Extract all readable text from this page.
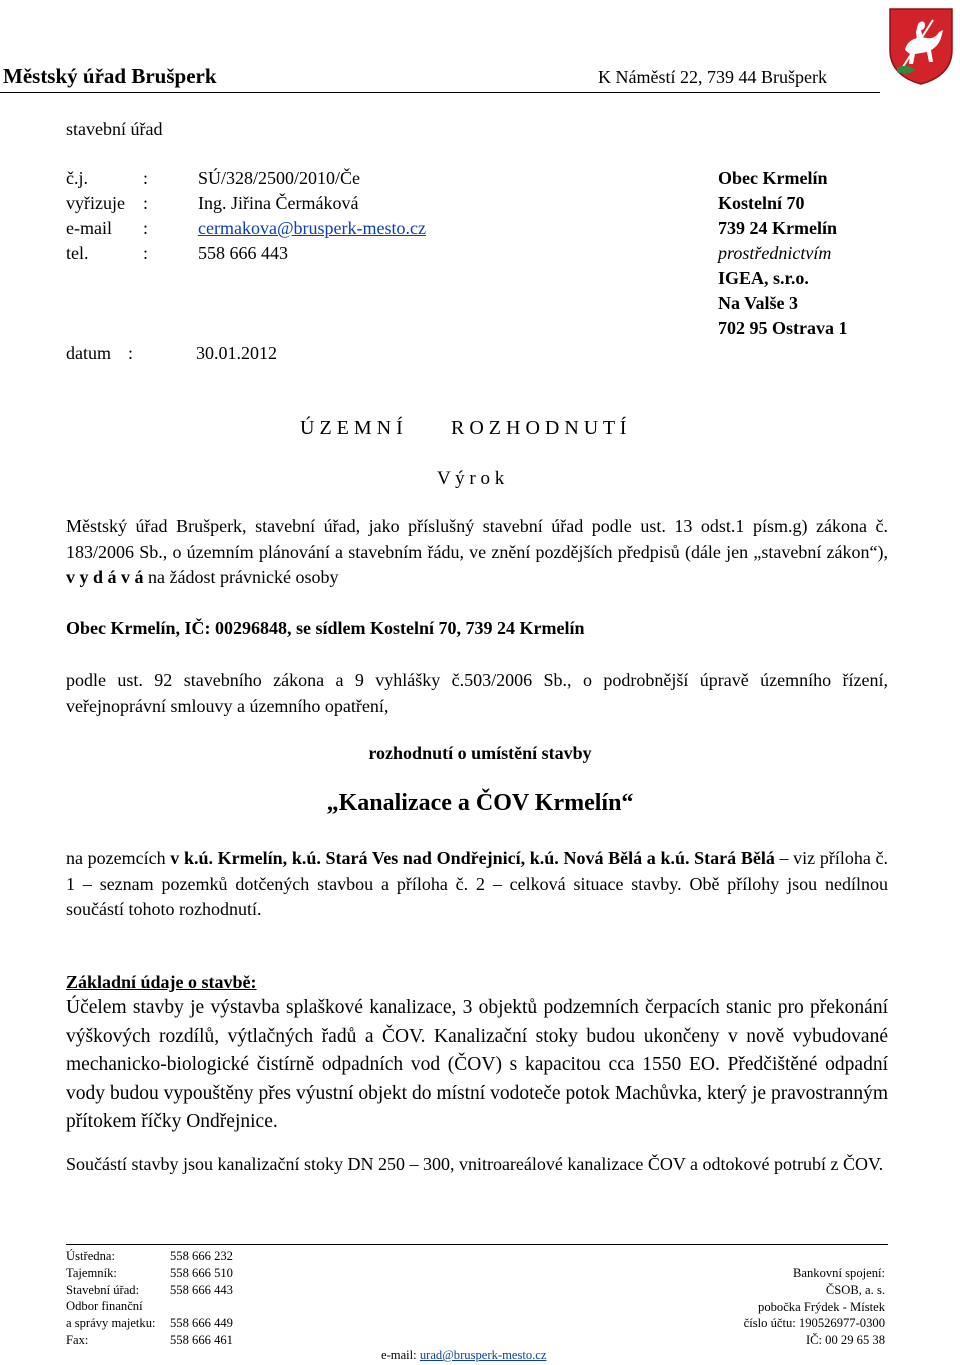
Městský úřad Brušperk	K Náměstí 22, 739 44 Brušperk
stavební úřad
č.j.	:	SÚ/328/2500/2010/Če
vyřizuje :	Ing. Jiřina Čermáková
e-mail :	cermakova@brusperk-mesto.cz
tel.	:	558 666 443
datum :	30.01.2012
Obec Krmelín
Kostelní 70
739 24 Krmelín
prostřednictvím
IGEA, s.r.o.
Na Valše 3
702 95 Ostrava 1
Ú Z E M N Í R O Z H O D N U T Í
V ý r o k
Městský úřad Brušperk, stavební úřad, jako příslušný stavební úřad podle ust. 13 odst.1 písm.g) zákona č. 183/2006 Sb., o územním plánování a stavebním řádu, ve znění pozdějších předpisů (dále jen „stavební zákon“), v y d á v á na žádost právnické osoby
Obec Krmelín, IČ: 00296848, se sídlem Kostelní 70, 739 24 Krmelín
podle ust. 92 stavebního zákona a 9 vyhlášky č.503/2006 Sb., o podrobnější úpravě územního řízení, veřejnoprávní smlouvy a územního opatření,
rozhodnutí o umístění stavby
„Kanalizace a ČOV Krmelín“
na pozemcích v k.ú. Krmelín, k.ú. Stará Ves nad Ondřejnicí, k.ú. Nová Bělá a k.ú. Stará Bělá – viz příloha č. 1 – seznam pozemků dotčených stavbou a příloha č. 2 – celková situace stavby. Obě přílohy jsou nedílnou součástí tohoto rozhodnutí.
Základní údaje o stavbě:
Účelem stavby je výstavba splaškové kanalizace, 3 objektů podzemních čerpacích stanic pro překonání výškových rozdílů, výtlačných řadů a ČOV. Kanalizační stoky budou ukončeny v nově vybudované mechanicko-biologické čistírně odpadních vod (ČOV) s kapacitou cca 1550 EO. Předčištěné odpadní vody budou vypouštěny přes výustní objekt do místní vodoteče potok Machůvka, který je pravostranným přítokem říčky Ondřejnice.
Součástí stavby jsou kanalizační stoky DN 250 – 300, vnitroareálové kanalizace ČOV a odtokové potrubí z ČOV.
Ústředna:	558 666 232
Tajemník:	558 666 510
Stavební úřad: 558 666 443
Odbor finanční
a správy majetku: 558 666 449
Fax:	558 666 461
Bankovní spojení:
ČSOB, a. s.
pobočka Frýdek - Místek
číslo účtu: 190526977-0300
IČ: 00 29 65 38
e-mail: urad@brusperk-mesto.cz
